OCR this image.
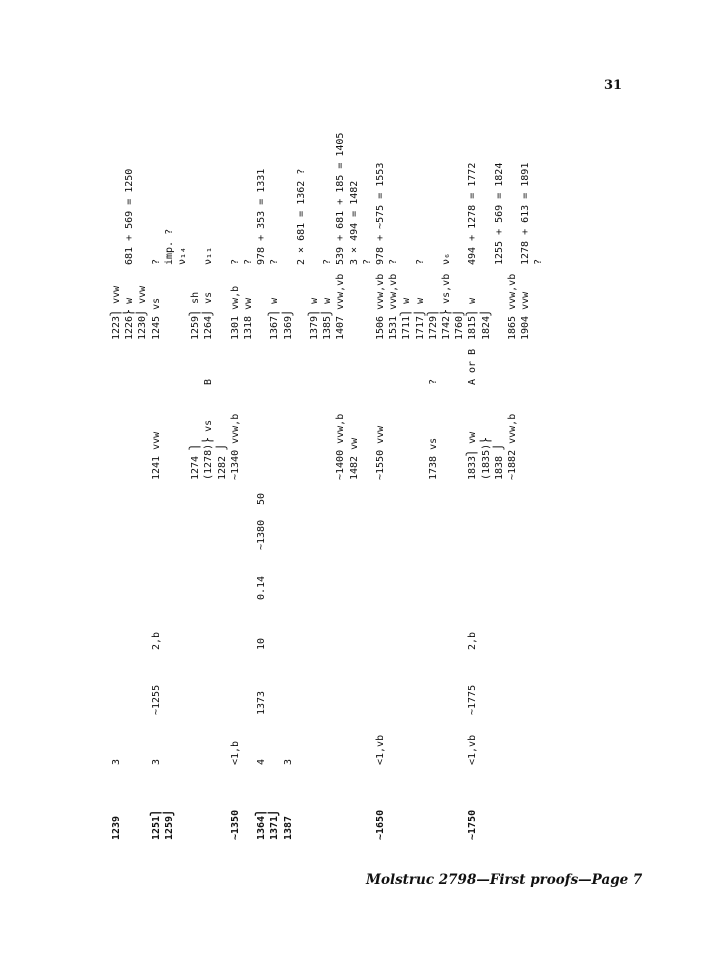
31
1239
3
1223⎫ vvw 1226⎬ w
681 + 569 = 1250
1230⎭ vvw
1251⎫
3
~1255
2,b
1241 vvw
1245 vs
?
1259⎭
imp. ? ν₁₄
1274 ⎫
1259⎫ sh
(1278)⎬ vs
1264⎭ vs
ν₁₁
B
1282 ⎭
~1350
<1,b
~1340 vvw,b
1301 vw,b
?
1318 vw
?
1364⎫
4
1373
10
0.14
~1380
50
978 + 353 = 1331
1371⎭
1367⎫ w
?
1387
3
1369⎭
2 × 681 = 1362 ?
1379⎫ w 1385⎭ w
?
~1400 vvw,b
1407 vvw,vb
539 + 681 + 185 = 1405
1482 vw
3 × 494 = 1482 ?
~1650
<1,vb
~1550 vvw
1506 vvw,vb
978 + ~575 = 1553
1531 vvw,vb
?
1711⎫ w 1717⎭ w
?
1738 vs
?
1729⎫ 1742⎬ vs,vb
ν₆
1760⎭
~1750
<1,vb
~1775
2,b
1833⎫ vw
A or B
1815⎫ w
494 + 1278 = 1772
(1835)⎬
1824⎭
1838 ⎭
1255 + 569 = 1824
~1882 vvw,b
1865 vvw,vb 1904 vvw
1278 + 613 = 1891 ?
Molstruc 2798—First proofs—Page 7
